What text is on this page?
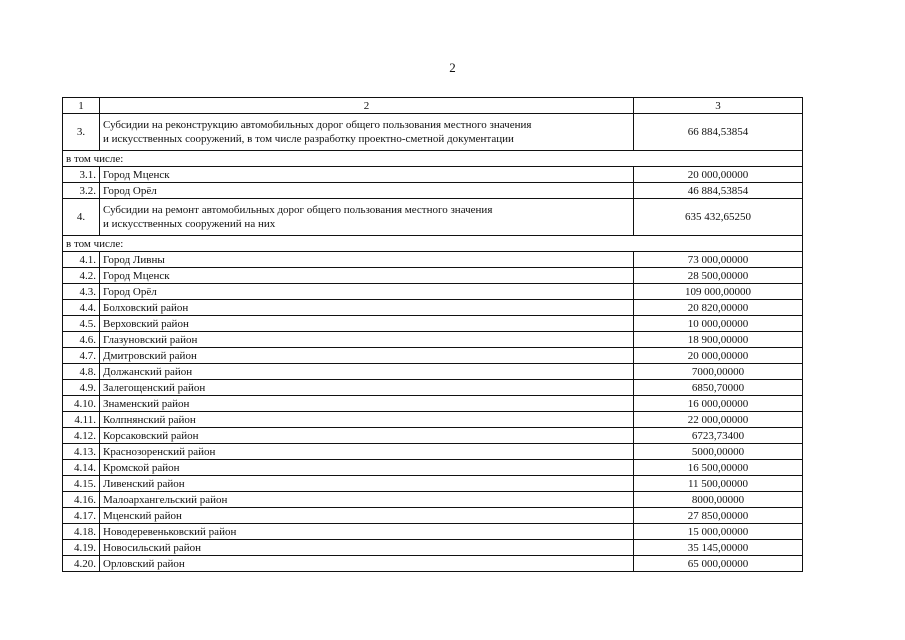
2
1	2	3
3.	Субсидии на реконструкцию автомобильных дорог общего пользования местного значения
и искусственных сооружений, в том числе разработку проектно-сметной документации	66 884,53854
в том числе:		
3.1.	Город Мценск	20 000,00000
3.2.	Город Орёл	46 884,53854
4.	Субсидии на ремонт автомобильных дорог общего пользования местного значения
и искусственных сооружений на них	635 432,65250
в том числе:		
4.1.	Город Ливны	73 000,00000
4.2.	Город Мценск	28 500,00000
4.3.	Город Орёл	109 000,00000
4.4.	Болховский район	20 820,00000
4.5.	Верховский район	10 000,00000
4.6.	Глазуновский район	18 900,00000
4.7.	Дмитровский район	20 000,00000
4.8.	Должанский район	7000,00000
4.9.	Залегощенский район	6850,70000
4.10.	Знаменский район	16 000,00000
4.11.	Колпнянский район	22 000,00000
4.12.	Корсаковский район	6723,73400
4.13.	Краснозоренский район	5000,00000
4.14.	Кромской район	16 500,00000
4.15.	Ливенский район	11 500,00000
4.16.	Малоархангельский район	8000,00000
4.17.	Мценский район	27 850,00000
4.18.	Новодеревеньковский район	15 000,00000
4.19.	Новосильский район	35 145,00000
4.20.	Орловский район	65 000,00000
